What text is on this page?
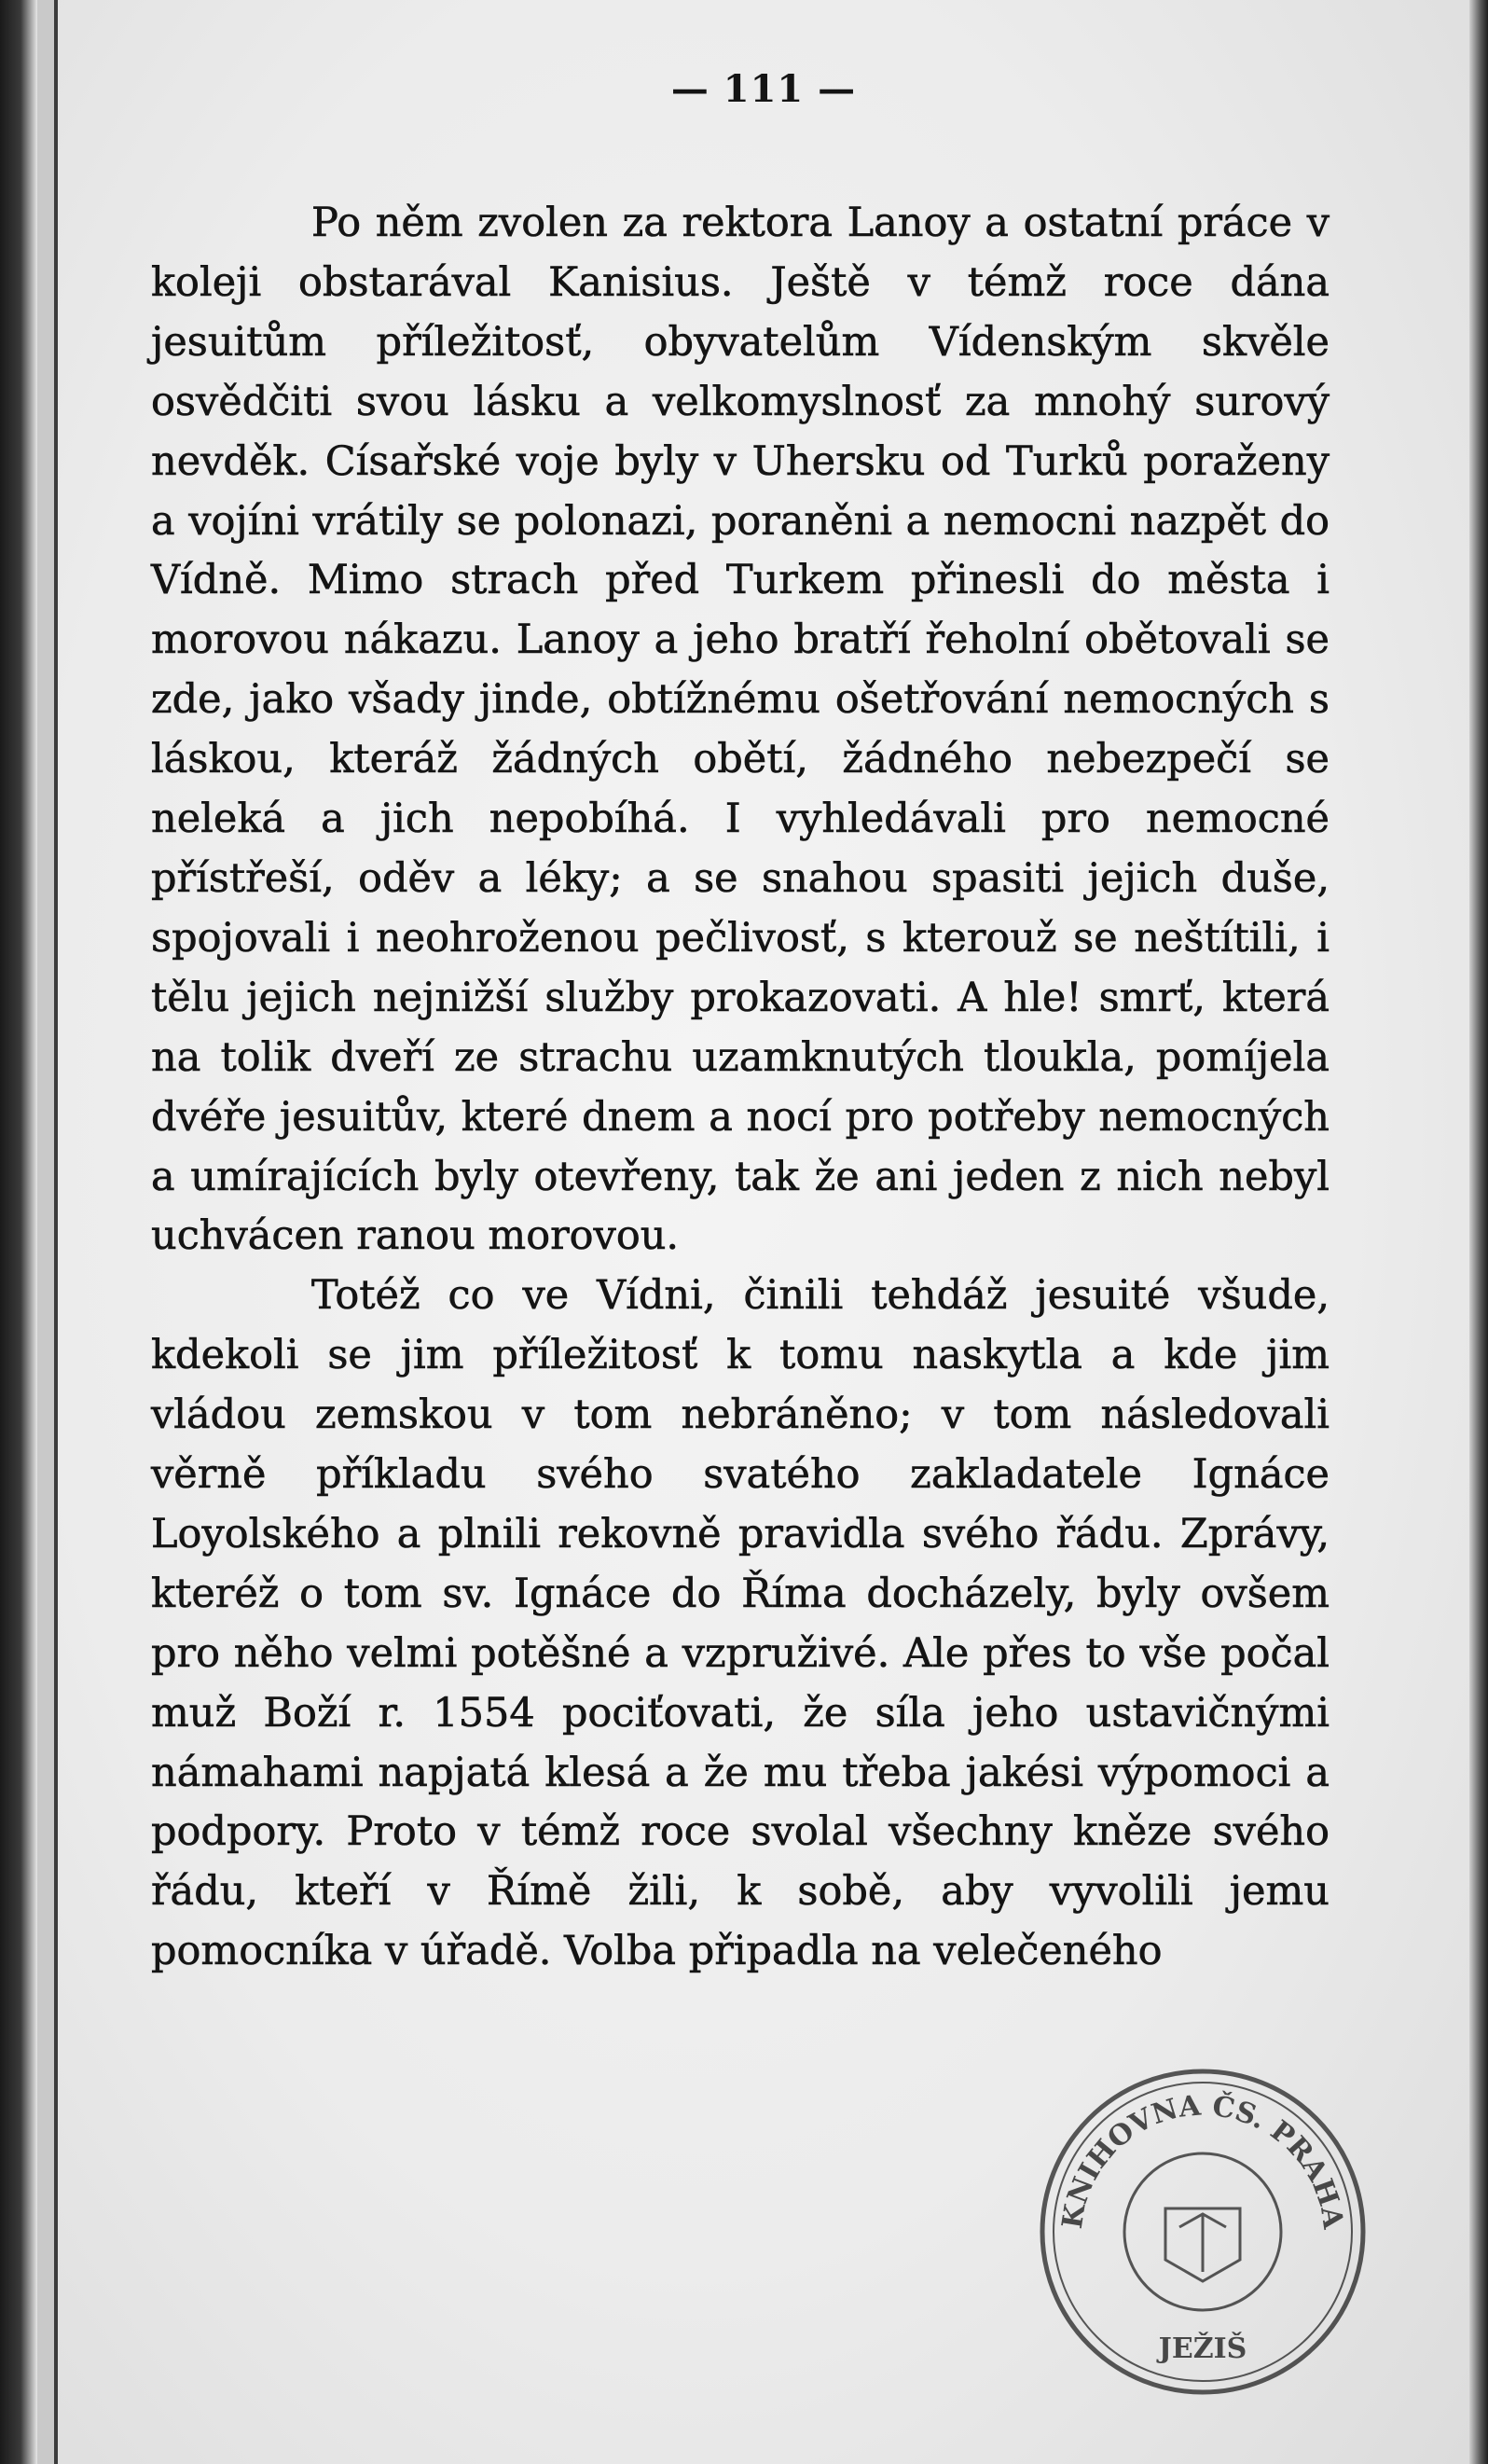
— 111 —

Po něm zvolen za rektora Lanoy a ostatní práce v koleji obstarával Kanisius. Ještě v témž roce dána jesuitům příležitosť, obyvatelům Vídenským skvěle osvědčiti svou lásku a velkomyslnosť za mnohý surový nevděk. Císařské voje byly v Uhersku od Turků poraženy a vojíni vrátily se polonazi, poraněni a nemocni nazpět do Vídně. Mimo strach před Turkem přinesli do města i morovou nákazu. Lanoy a jeho bratří řeholní obětovali se zde, jako všady jinde, obtížnému ošetřování nemocných s láskou, kteráž žádných obětí, žádného nebezpečí se neleká a jich nepobíhá. I vyhledávali pro nemocné přístřeší, oděv a léky; a se snahou spasiti jejich duše, spojovali i neohroženou pečlivosť, s kterouž se neštítili, i tělu jejich nejnižší služby prokazovati. A hle! smrť, která na tolik dveří ze strachu uzamknutých tloukla, pomíjela dvéře jesuitův, které dnem a nocí pro potřeby nemocných a umírajících byly otevřeny, tak že ani jeden z nich nebyl uchvácen ranou morovou.

Totéž co ve Vídni, činili tehdáž jesuité všude, kdekoli se jim příležitosť k tomu naskytla a kde jim vládou zemskou v tom nebráněno; v tom následovali věrně příkladu svého svatého zakladatele Ignáce Loyolského a plnili rekovně pravidla svého řádu. Zprávy, kteréž o tom sv. Ignáce do Říma docházely, byly ovšem pro něho velmi potěšné a vzpruživé. Ale přes to vše počal muž Boží r. 1554 pociťovati, že síla jeho ustavičnými námahami napjatá klesá a že mu třeba jakési výpomoci a podpory. Proto v témž roce svolal všechny kněze svého řádu, kteří v Římě žili, k sobě, aby vyvolili jemu pomocníka v úřadě. Volba připadla na velečeného

KNIHOVNA ČS. PRAHA
JEŽIŠ
